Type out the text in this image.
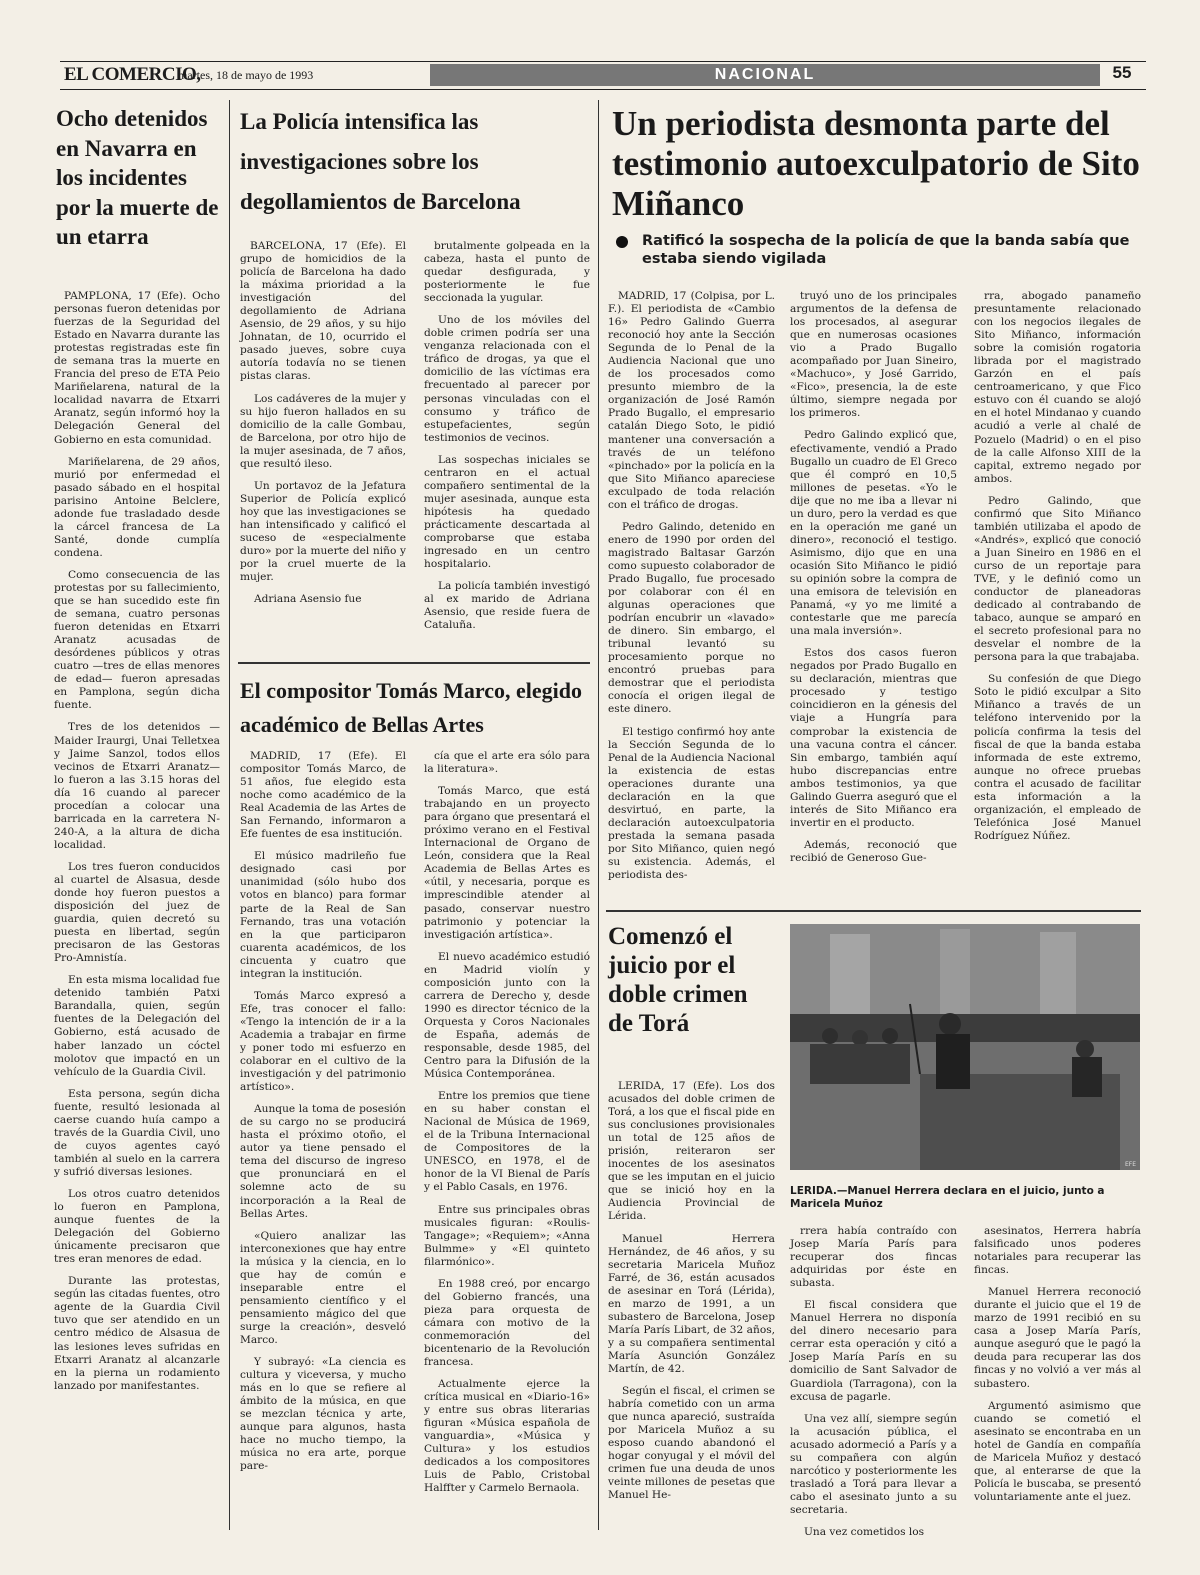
EL COMERCIO,
martes, 18 de mayo de 1993	NACIONAL	55
Ocho detenidos en Navarra en los incidentes por la muerte de un etarra

PAMPLONA, 17 (Efe). Ocho personas fueron detenidas por fuerzas de la Seguridad del Estado en Navarra durante las protestas registradas este fin de semana tras la muerte en Francia del preso de ETA Peio Mariñelarena, natural de la localidad navarra de Etxarri Aranatz, según informó hoy la Delegación General del Gobierno en esta comunidad.

Mariñelarena, de 29 años, murió por enfermedad el pasado sábado en el hospital parisino Antoine Belclere, adonde fue trasladado desde la cárcel francesa de La Santé, donde cumplía condena.

Como consecuencia de las protestas por su fallecimiento, que se han sucedido este fin de semana, cuatro personas fueron detenidas en Etxarri Aranatz acusadas de desórdenes públicos y otras cuatro —tres de ellas menores de edad— fueron apresadas en Pamplona, según dicha fuente.

Tres de los detenidos —Maider Iraurgi, Unai Telletxea y Jaime Sanzol, todos ellos vecinos de Etxarri Aranatz— lo fueron a las 3.15 horas del día 16 cuando al parecer procedían a colocar una barricada en la carretera N-240-A, a la altura de dicha localidad.

Los tres fueron conducidos al cuartel de Alsasua, desde donde hoy fueron puestos a disposición del juez de guardia, quien decretó su puesta en libertad, según precisaron de las Gestoras Pro-Amnistía.

En esta misma localidad fue detenido también Patxi Barandalla, quien, según fuentes de la Delegación del Gobierno, está acusado de haber lanzado un cóctel molotov que impactó en un vehículo de la Guardia Civil.

Esta persona, según dicha fuente, resultó lesionada al caerse cuando huía campo a través de la Guardia Civil, uno de cuyos agentes cayó también al suelo en la carrera y sufrió diversas lesiones.

Los otros cuatro detenidos lo fueron en Pamplona, aunque fuentes de la Delegación del Gobierno únicamente precisaron que tres eran menores de edad.

Durante las protestas, según las citadas fuentes, otro agente de la Guardia Civil tuvo que ser atendido en un centro médico de Alsasua de las lesiones leves sufridas en Etxarri Aranatz al alcanzarle en la pierna un rodamiento lanzado por manifestantes.

La Policía intensifica las investigaciones sobre los degollamientos de Barcelona

BARCELONA, 17 (Efe). El grupo de homicidios de la policía de Barcelona ha dado la máxima prioridad a la investigación del degollamiento de Adriana Asensio, de 29 años, y su hijo Johnatan, de 10, ocurrido el pasado jueves, sobre cuya autoría todavía no se tienen pistas claras.

Los cadáveres de la mujer y su hijo fueron hallados en su domicilio de la calle Gombau, de Barcelona, por otro hijo de la mujer asesinada, de 7 años, que resultó ileso.

Un portavoz de la Jefatura Superior de Policía explicó hoy que las investigaciones se han intensificado y calificó el suceso de «especialmente duro» por la muerte del niño y por la cruel muerte de la mujer.

Adriana Asensio fue

brutalmente golpeada en la cabeza, hasta el punto de quedar desfigurada, y posteriormente le fue seccionada la yugular.

Uno de los móviles del doble crimen podría ser una venganza relacionada con el tráfico de drogas, ya que el domicilio de las víctimas era frecuentado al parecer por personas vinculadas con el consumo y tráfico de estupefacientes, según testimonios de vecinos.

Las sospechas iniciales se centraron en el actual compañero sentimental de la mujer asesinada, aunque esta hipótesis ha quedado prácticamente descartada al comprobarse que estaba ingresado en un centro hospitalario.

La policía también investigó al ex marido de Adriana Asensio, que reside fuera de Cataluña.

El compositor Tomás Marco, elegido académico de Bellas Artes

MADRID, 17 (Efe). El compositor Tomás Marco, de 51 años, fue elegido esta noche como académico de la Real Academia de las Artes de San Fernando, informaron a Efe fuentes de esa institución.

El músico madrileño fue designado casi por unanimidad (sólo hubo dos votos en blanco) para formar parte de la Real de San Fernando, tras una votación en la que participaron cuarenta académicos, de los cincuenta y cuatro que integran la institución.

Tomás Marco expresó a Efe, tras conocer el fallo: «Tengo la intención de ir a la Academia a trabajar en firme y poner todo mi esfuerzo en colaborar en el cultivo de la investigación y del patrimonio artístico».

Aunque la toma de posesión de su cargo no se producirá hasta el próximo otoño, el autor ya tiene pensado el tema del discurso de ingreso que pronunciará en el solemne acto de su incorporación a la Real de Bellas Artes.

«Quiero analizar las interconexiones que hay entre la música y la ciencia, en lo que hay de común e inseparable entre el pensamiento científico y el pensamiento mágico del que surge la creación», desveló Marco.

Y subrayó: «La ciencia es cultura y viceversa, y mucho más en lo que se refiere al ámbito de la música, en que se mezclan técnica y arte, aunque para algunos, hasta hace no mucho tiempo, la música no era arte, porque pare-

cía que el arte era sólo para la literatura».

Tomás Marco, que está trabajando en un proyecto para órgano que presentará el próximo verano en el Festival Internacional de Organo de León, considera que la Real Academia de Bellas Artes es «útil, y necesaria, porque es imprescindible atender al pasado, conservar nuestro patrimonio y potenciar la investigación artística».

El nuevo académico estudió en Madrid violín y composición junto con la carrera de Derecho y, desde 1990 es director técnico de la Orquesta y Coros Nacionales de España, además de responsable, desde 1985, del Centro para la Difusión de la Música Contemporánea.

Entre los premios que tiene en su haber constan el Nacional de Música de 1969, el de la Tribuna Internacional de Compositores de la UNESCO, en 1978, el de honor de la VI Bienal de París y el Pablo Casals, en 1976.

Entre sus principales obras musicales figuran: «Roulis-Tangage»; «Requiem»; «Anna Bulmme» y «El quinteto filarmónico».

En 1988 creó, por encargo del Gobierno francés, una pieza para orquesta de cámara con motivo de la conmemoración del bicentenario de la Revolución francesa.

Actualmente ejerce la crítica musical en «Diario-16» y entre sus obras literarias figuran «Música española de vanguardia», «Música y Cultura» y los estudios dedicados a los compositores Luis de Pablo, Cristobal Halffter y Carmelo Bernaola.

Un periodista desmonta parte del testimonio autoexculpatorio de Sito Miñanco
Ratificó la sospecha de la policía de que la banda sabía que estaba siendo vigilada

MADRID, 17 (Colpisa, por L. F.). El periodista de «Cambio 16» Pedro Galindo Guerra reconoció hoy ante la Sección Segunda de lo Penal de la Audiencia Nacional que uno de los procesados como presunto miembro de la organización de José Ramón Prado Bugallo, el empresario catalán Diego Soto, le pidió mantener una conversación a través de un teléfono «pinchado» por la policía en la que Sito Miñanco apareciese exculpado de toda relación con el tráfico de drogas.

Pedro Galindo, detenido en enero de 1990 por orden del magistrado Baltasar Garzón como supuesto colaborador de Prado Bugallo, fue procesado por colaborar con él en algunas operaciones que podrían encubrir un «lavado» de dinero. Sin embargo, el tribunal levantó su procesamiento porque no encontró pruebas para demostrar que el periodista conocía el origen ilegal de este dinero.

El testigo confirmó hoy ante la Sección Segunda de lo Penal de la Audiencia Nacional la existencia de estas operaciones durante una declaración en la que desvirtuó, en parte, la declaración autoexculpatoria prestada la semana pasada por Sito Miñanco, quien negó su existencia. Además, el periodista des-

truyó uno de los principales argumentos de la defensa de los procesados, al asegurar que en numerosas ocasiones vio a Prado Bugallo acompañado por Juan Sineiro, «Machuco», y José Garrido, «Fico», presencia, la de este último, siempre negada por los primeros.

Pedro Galindo explicó que, efectivamente, vendió a Prado Bugallo un cuadro de El Greco que él compró en 10,5 millones de pesetas. «Yo le dije que no me iba a llevar ni un duro, pero la verdad es que en la operación me gané un dinero», reconoció el testigo. Asimismo, dijo que en una ocasión Sito Miñanco le pidió su opinión sobre la compra de una emisora de televisión en Panamá, «y yo me limité a contestarle que me parecía una mala inversión».

Estos dos casos fueron negados por Prado Bugallo en su declaración, mientras que procesado y testigo coincidieron en la génesis del viaje a Hungría para comprobar la existencia de una vacuna contra el cáncer. Sin embargo, también aquí hubo discrepancias entre ambos testimonios, ya que Galindo Guerra aseguró que el interés de Sito Miñanco era invertir en el producto.

Además, reconoció que recibió de Generoso Gue-

rra, abogado panameño presuntamente relacionado con los negocios ilegales de Sito Miñanco, información sobre la comisión rogatoria librada por el magistrado Garzón en el país centroamericano, y que Fico estuvo con él cuando se alojó en el hotel Mindanao y cuando acudió a verle al chalé de Pozuelo (Madrid) o en el piso de la calle Alfonso XIII de la capital, extremo negado por ambos.

Pedro Galindo, que confirmó que Sito Miñanco también utilizaba el apodo de «Andrés», explicó que conoció a Juan Sineiro en 1986 en el curso de un reportaje para TVE, y le definió como un conductor de planeadoras dedicado al contrabando de tabaco, aunque se amparó en el secreto profesional para no desvelar el nombre de la persona para la que trabajaba.

Su confesión de que Diego Soto le pidió exculpar a Sito Miñanco a través de un teléfono intervenido por la policía confirma la tesis del fiscal de que la banda estaba informada de este extremo, aunque no ofrece pruebas contra el acusado de facilitar esta información a la organización, el empleado de Telefónica José Manuel Rodríguez Núñez.

Comenzó el juicio por el doble crimen de Torá
EFE
LERIDA.—Manuel Herrera declara en el juicio, junto a Maricela Muñoz

LERIDA, 17 (Efe). Los dos acusados del doble crimen de Torá, a los que el fiscal pide en sus conclusiones provisionales un total de 125 años de prisión, reiteraron ser inocentes de los asesinatos que se les imputan en el juicio que se inició hoy en la Audiencia Provincial de Lérida.

Manuel Herrera Hernández, de 46 años, y su secretaria Maricela Muñoz Farré, de 36, están acusados de asesinar en Torá (Lérida), en marzo de 1991, a un subastero de Barcelona, Josep María París Libart, de 32 años, y a su compañera sentimental María Asunción González Martín, de 42.

Según el fiscal, el crimen se habría cometido con un arma que nunca apareció, sustraída por Maricela Muñoz a su esposo cuando abandonó el hogar conyugal y el móvil del crimen fue una deuda de unos veinte millones de pesetas que Manuel He-

rrera había contraído con Josep María París para recuperar dos fincas adquiridas por éste en subasta.

El fiscal considera que Manuel Herrera no disponía del dinero necesario para cerrar esta operación y citó a Josep María París en su domicilio de Sant Salvador de Guardiola (Tarragona), con la excusa de pagarle.

Una vez allí, siempre según la acusación pública, el acusado adormeció a París y a su compañera con algún narcótico y posteriormente les trasladó a Torá para llevar a cabo el asesinato junto a su secretaria.

Una vez cometidos los

asesinatos, Herrera habría falsificado unos poderes notariales para recuperar las fincas.

Manuel Herrera reconoció durante el juicio que el 19 de marzo de 1991 recibió en su casa a Josep María París, aunque aseguró que le pagó la deuda para recuperar las dos fincas y no volvió a ver más al subastero.

Argumentó asimismo que cuando se cometió el asesinato se encontraba en un hotel de Gandía en compañía de Maricela Muñoz y destacó que, al enterarse de que la Policía le buscaba, se presentó voluntariamente ante el juez.
